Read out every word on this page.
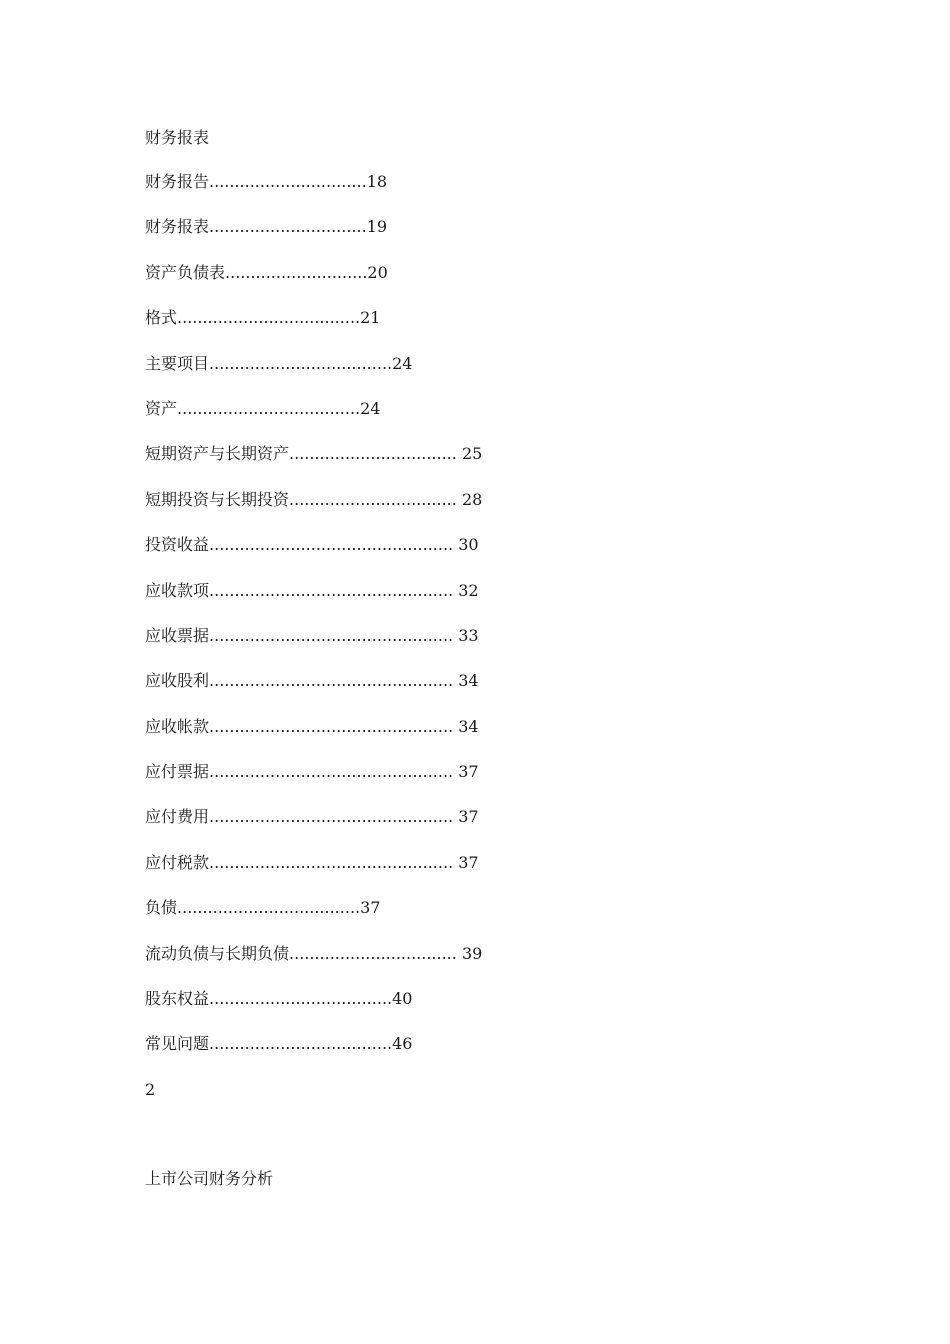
财务报表
财务报告...............................18
财务报表...............................19
资产负债表............................20
格式....................................21
主要项目....................................24
资产....................................24
短期资产与长期资产................................. 25
短期投资与长期投资................................. 28
投资收益................................................ 30
应收款项................................................ 32
应收票据................................................ 33
应收股利................................................ 34
应收帐款................................................ 34
应付票据................................................ 37
应付费用................................................ 37
应付税款................................................ 37
负债....................................37
流动负债与长期负债................................. 39
股东权益....................................40
常见问题....................................46
2
上市公司财务分析
